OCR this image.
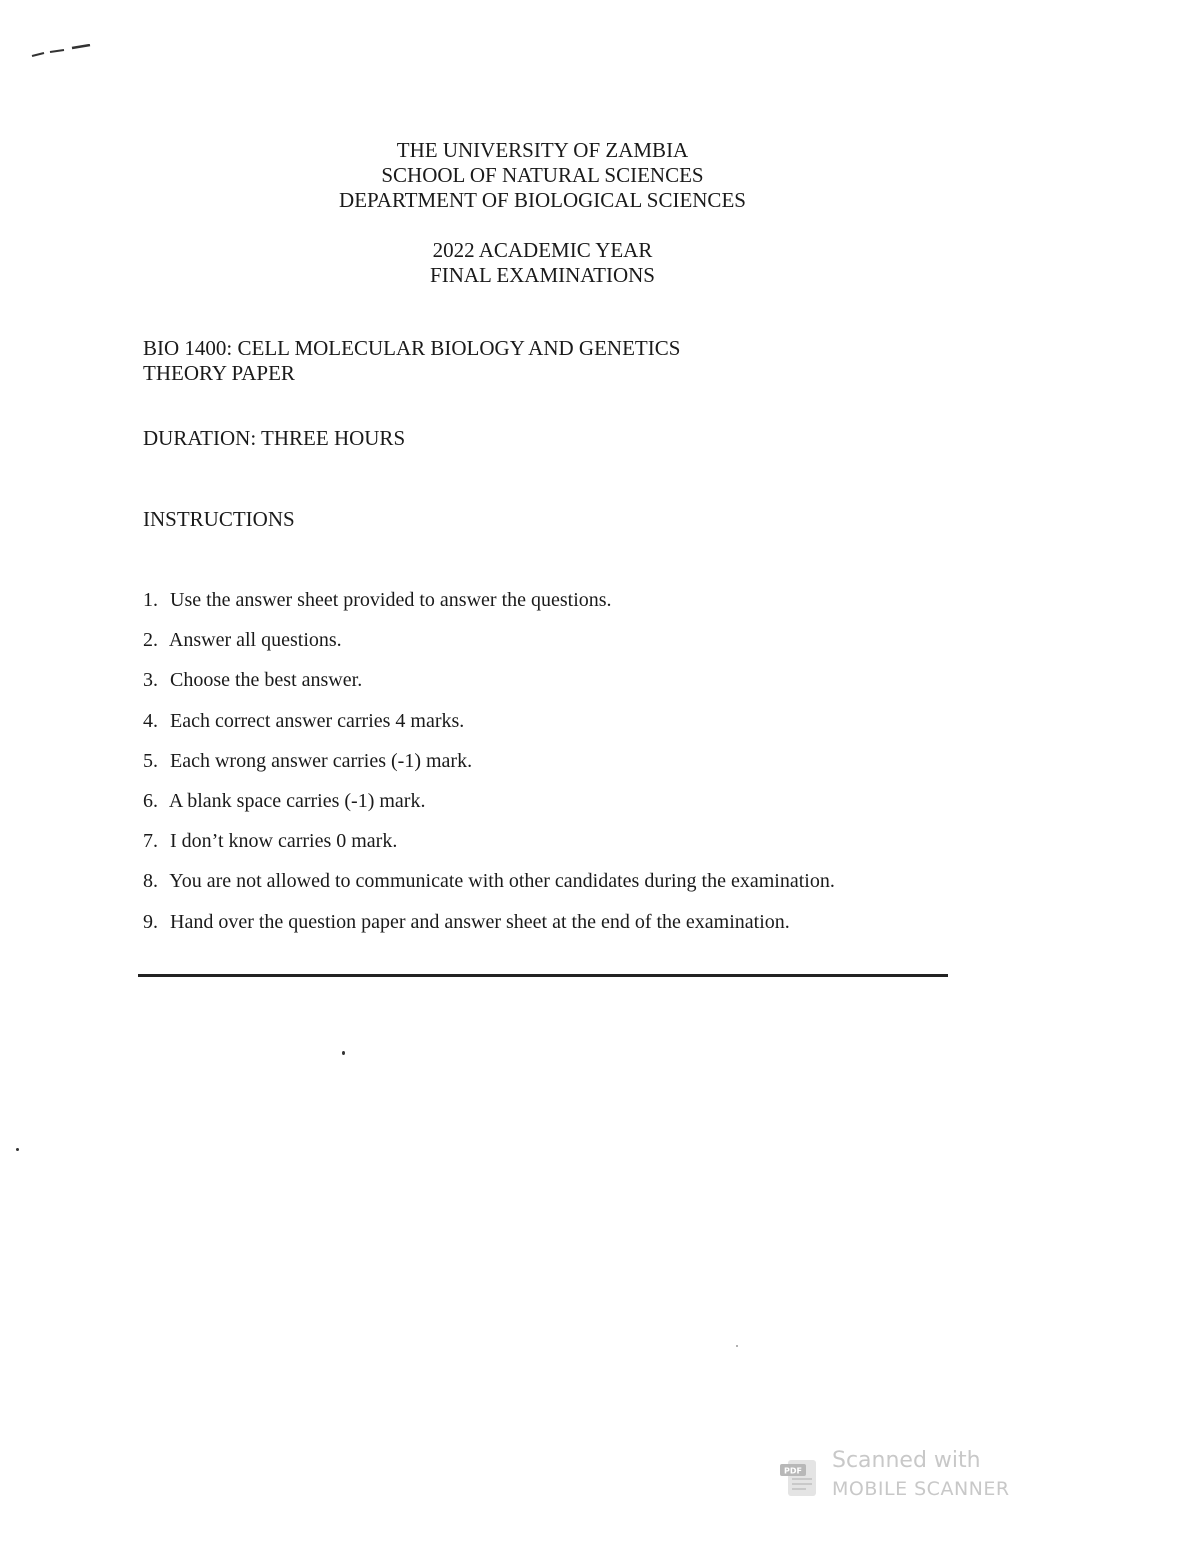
THE UNIVERSITY OF ZAMBIA
SCHOOL OF NATURAL SCIENCES
DEPARTMENT OF BIOLOGICAL SCIENCES
2022 ACADEMIC YEAR
FINAL EXAMINATIONS
BIO 1400: CELL MOLECULAR BIOLOGY AND GENETICS
THEORY PAPER
DURATION: THREE HOURS
INSTRUCTIONS
1. Use the answer sheet provided to answer the questions.
2. Answer all questions.
3. Choose the best answer.
4. Each correct answer carries 4 marks.
5. Each wrong answer carries (-1) mark.
6. A blank space carries (-1) mark.
7. I don’t know carries 0 mark.
8. You are not allowed to communicate with other candidates during the examination.
9. Hand over the question paper and answer sheet at the end of the examination.
PDF Scanned with
MOBILE SCANNER
